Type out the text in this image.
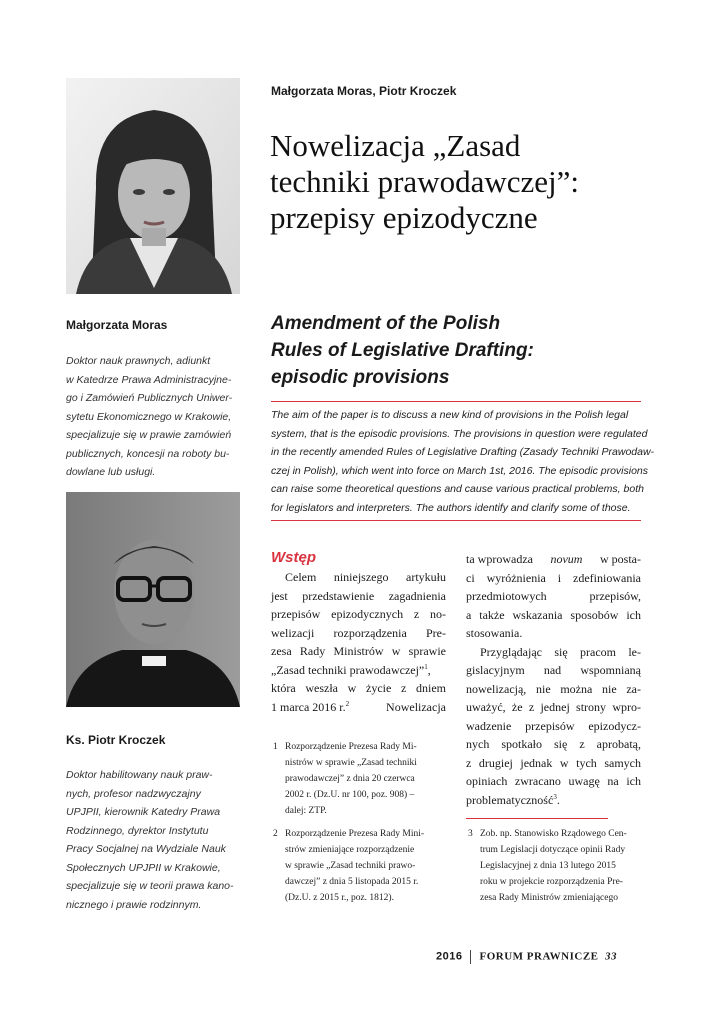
Małgorzata Moras
Doktor nauk prawnych, adiunkt
w Katedrze Prawa Administracyjne-
go i Zamówień Publicznych Uniwer-
sytetu Ekonomicznego w Krakowie,
specjalizuje się w prawie zamówień
publicznych, koncesji na roboty bu-
dowlane lub usługi.
Ks. Piotr Kroczek
Doktor habilitowany nauk praw-
nych, profesor nadzwyczajny
UPJPII, kierownik Katedry Prawa
Rodzinnego, dyrektor Instytutu
Pracy Socjalnej na Wydziale Nauk
Społecznych UPJPII w Krakowie,
specjalizuje się w teorii prawa kano-
nicznego i prawie rodzinnym.
Małgorzata Moras, Piotr Kroczek
Nowelizacja „Zasad
techniki prawodawczej”:
przepisy epizodyczne
Amendment of the Polish
Rules of Legislative Drafting:
episodic provisions
The aim of the paper is to discuss a new kind of provisions in the Polish legal
system, that is the episodic provisions. The provisions in question were regulated
in the recently amended Rules of Legislative Drafting (Zasady Techniki Prawodaw-
czej in Polish), which went into force on March 1st, 2016. The episodic provisions
can raise some theoretical questions and cause various practical problems, both
for legislators and interpreters. The authors identify and clarify some of those.
Wstęp
Celem niniejszego artykułu
jest przedstawienie zagadnienia
przepisów epizodycznych z no-
welizacji rozporządzenia Pre-
zesa Rady Ministrów w sprawie
„Zasad techniki prawodawczej”$^1$,
która weszła w życie z dniem
1 marca 2016 r.$^2$	Nowelizacja
1 Rozporządzenie Prezesa Rady Mi-
nistrów w sprawie „Zasad techniki
prawodawczej” z dnia 20 czerwca
2002 r. (Dz.U. nr 100, poz. 908) –
dalej: ZTP.
2 Rozporządzenie Prezesa Rady Mini-
strów zmieniające rozporządzenie
w sprawie „Zasad techniki prawo-
dawczej” z dnia 5 listopada 2015 r.
(Dz.U. z 2015 r., poz. 1812).
ta wprowadza novum w posta-
ci wyróżnienia i zdefiniowania
przedmiotowych przepisów,
a także wskazania sposobów ich
stosowania.
Przyglądając się pracom le-
gislacyjnym nad wspomnianą
nowelizacją, nie można nie za-
uważyć, że z jednej strony wpro-
wadzenie przepisów epizodycz-
nych spotkało się z aprobatą,
z drugiej jednak w tych samych
opiniach zwracano uwagę na ich
problematyczność$^3$.
3 Zob. np. Stanowisko Rządowego Cen-
trum Legislacji dotyczące opinii Rady
Legislacyjnej z dnia 13 lutego 2015
roku w projekcie rozporządzenia Pre-
zesa Rady Ministrów zmieniającego
2016 FORUM PRAWNICZE 33
